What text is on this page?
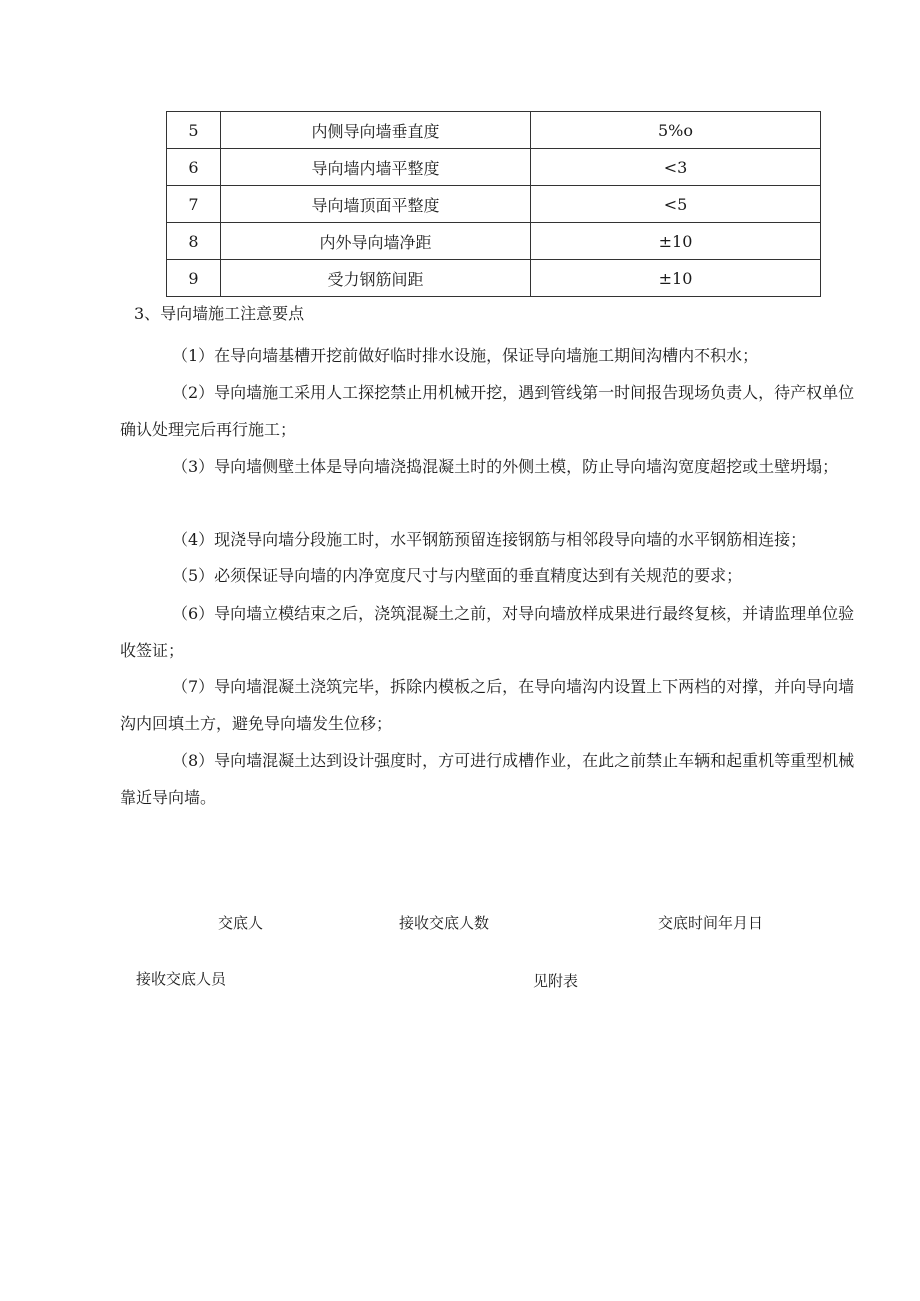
5	内侧导向墙垂直度	5%o
6	导向墙内墙平整度	<3
7	导向墙顶面平整度	<5
8	内外导向墙净距	±10
9	受力钢筋间距	±10
3、导向墙施工注意要点

（1）在导向墙基槽开挖前做好临时排水设施，保证导向墙施工期间沟槽内不积水；

（2）导向墙施工采用人工探挖禁止用机械开挖，遇到管线第一时间报告现场负责人，待产权单位确认处理完后再行施工；

（3）导向墙侧壁土体是导向墙浇捣混凝土时的外侧土模，防止导向墙沟宽度超挖或土壁坍塌；

（4）现浇导向墙分段施工时，水平钢筋预留连接钢筋与相邻段导向墙的水平钢筋相连接；

（5）必须保证导向墙的内净宽度尺寸与内壁面的垂直精度达到有关规范的要求；

（6）导向墙立模结束之后，浇筑混凝土之前，对导向墙放样成果进行最终复核，并请监理单位验收签证；

（7）导向墙混凝土浇筑完毕，拆除内模板之后，在导向墙沟内设置上下两档的对撑，并向导向墙沟内回填土方，避免导向墙发生位移；

（8）导向墙混凝土达到设计强度时，方可进行成槽作业，在此之前禁止车辆和起重机等重型机械靠近导向墙。

交底人	接收交底人数	交底时间年月日
接收交底人员	见附表
